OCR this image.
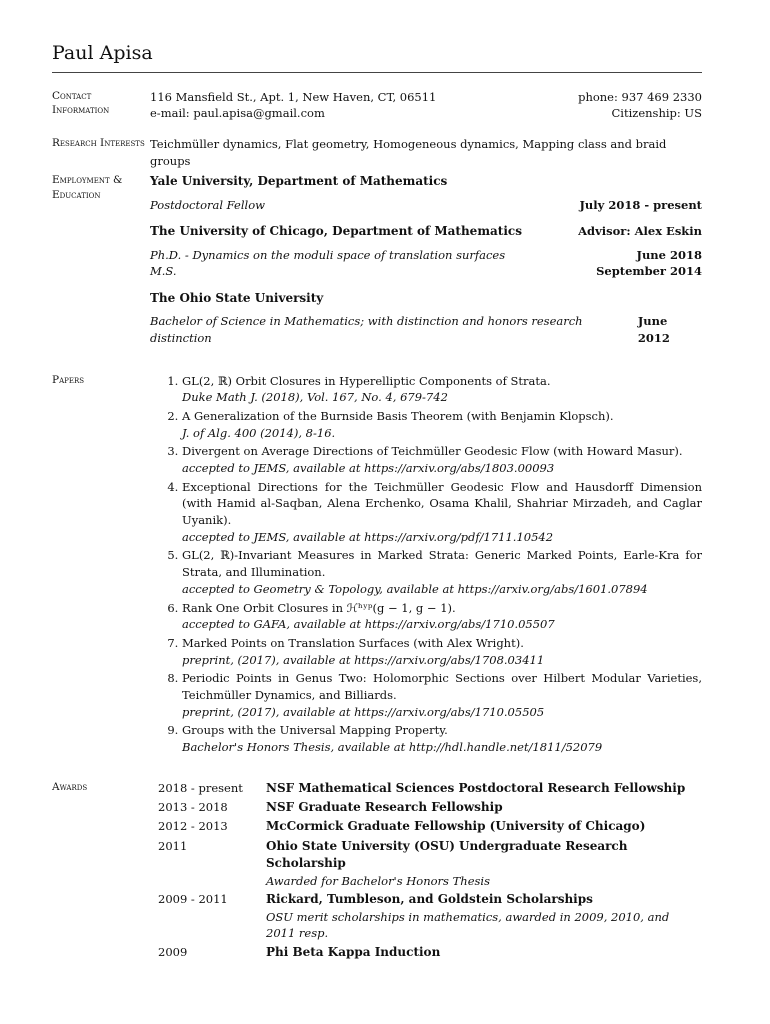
Paul Apisa
Contact Information
116 Mansfield St., Apt. 1, New Haven, CT, 06511	phone: 937 469 2330
e-mail: paul.apisa@gmail.com	Citizenship: US
Research Interests Teichmüller dynamics, Flat geometry, Homogeneous dynamics, Mapping class and braid groups
Employment & Education
Yale University, Department of Mathematics
Postdoctoral Fellow	July 2018 - present
The University of Chicago, Department of Mathematics	Advisor: Alex Eskin
Ph.D. - Dynamics on the moduli space of translation surfaces	June 2018
M.S.	September 2014
The Ohio State University
Bachelor of Science in Mathematics; with distinction and honors research distinction
June 2012
Papers
1.	GL(2, ℝ) Orbit Closures in Hyperelliptic Components of Strata.
Duke Math J. (2018), Vol. 167, No. 4, 679-742
2. A Generalization of the Burnside Basis Theorem (with Benjamin Klopsch).
J. of Alg. 400 (2014), 8-16.
3. Divergent on Average Directions of Teichmüller Geodesic Flow (with Howard Masur).
accepted to JEMS, available at https://arxiv.org/abs/1803.00093
4. Exceptional Directions for the Teichmüller Geodesic Flow and Hausdorff Dimension (with Hamid al-Saqban, Alena Erchenko, Osama Khalil, Shahriar Mirzadeh, and Caglar Uyanik).
accepted to JEMS, available at https://arxiv.org/pdf/1711.10542
5. GL(2, ℝ)-Invariant Measures in Marked Strata: Generic Marked Points, Earle-Kra for Strata, and Illumination.
accepted to Geometry & Topology, available at https://arxiv.org/abs/1601.07894
6. Rank One Orbit Closures in ℋʰʸᵖ(g − 1, g − 1).
accepted to GAFA, available at https://arxiv.org/abs/1710.05507
7. Marked Points on Translation Surfaces (with Alex Wright).
preprint, (2017), available at https://arxiv.org/abs/1708.03411
8. Periodic Points in Genus Two: Holomorphic Sections over Hilbert Modular Varieties, Teichmüller Dynamics, and Billiards.
preprint, (2017), available at https://arxiv.org/abs/1710.05505
9. Groups with the Universal Mapping Property.
Bachelor's Honors Thesis, available at http://hdl.handle.net/1811/52079
Awards	2018 - present	NSF Mathematical Sciences Postdoctoral Research Fellowship
2013 - 2018	NSF Graduate Research Fellowship
2012 - 2013	McCormick Graduate Fellowship (University of Chicago)
2011	Ohio State University (OSU) Undergraduate Research Scholarship
Awarded for Bachelor's Honors Thesis
2009 - 2011	Rickard, Tumbleson, and Goldstein Scholarships
OSU merit scholarships in mathematics, awarded in 2009, 2010, and 2011 resp.
2009	Phi Beta Kappa Induction
